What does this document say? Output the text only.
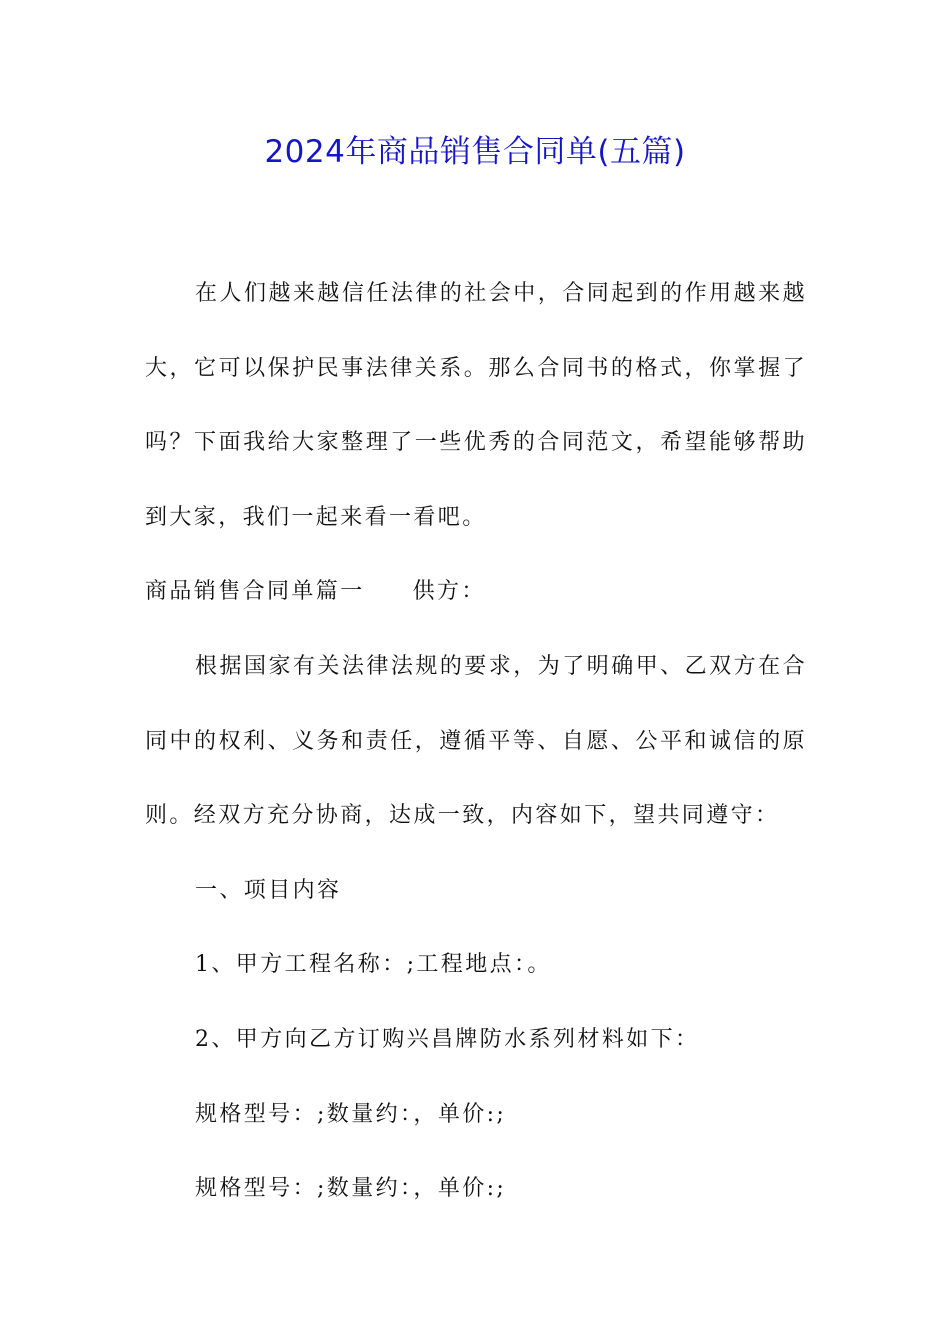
2024年商品销售合同单(五篇)

在人们越来越信任法律的社会中，合同起到的作用越来越大，它可以保护民事法律关系。那么合同书的格式，你掌握了吗？下面我给大家整理了一些优秀的合同范文，希望能够帮助到大家，我们一起来看一看吧。

商品销售合同单篇一 供方：

根据国家有关法律法规的要求，为了明确甲、乙双方在合同中的权利、义务和责任，遵循平等、自愿、公平和诚信的原则。经双方充分协商，达成一致，内容如下，望共同遵守：

一、项目内容

1、甲方工程名称：;工程地点：。

2、甲方向乙方订购兴昌牌防水系列材料如下：

规格型号：;数量约：，单价:;

规格型号：;数量约：，单价:;
